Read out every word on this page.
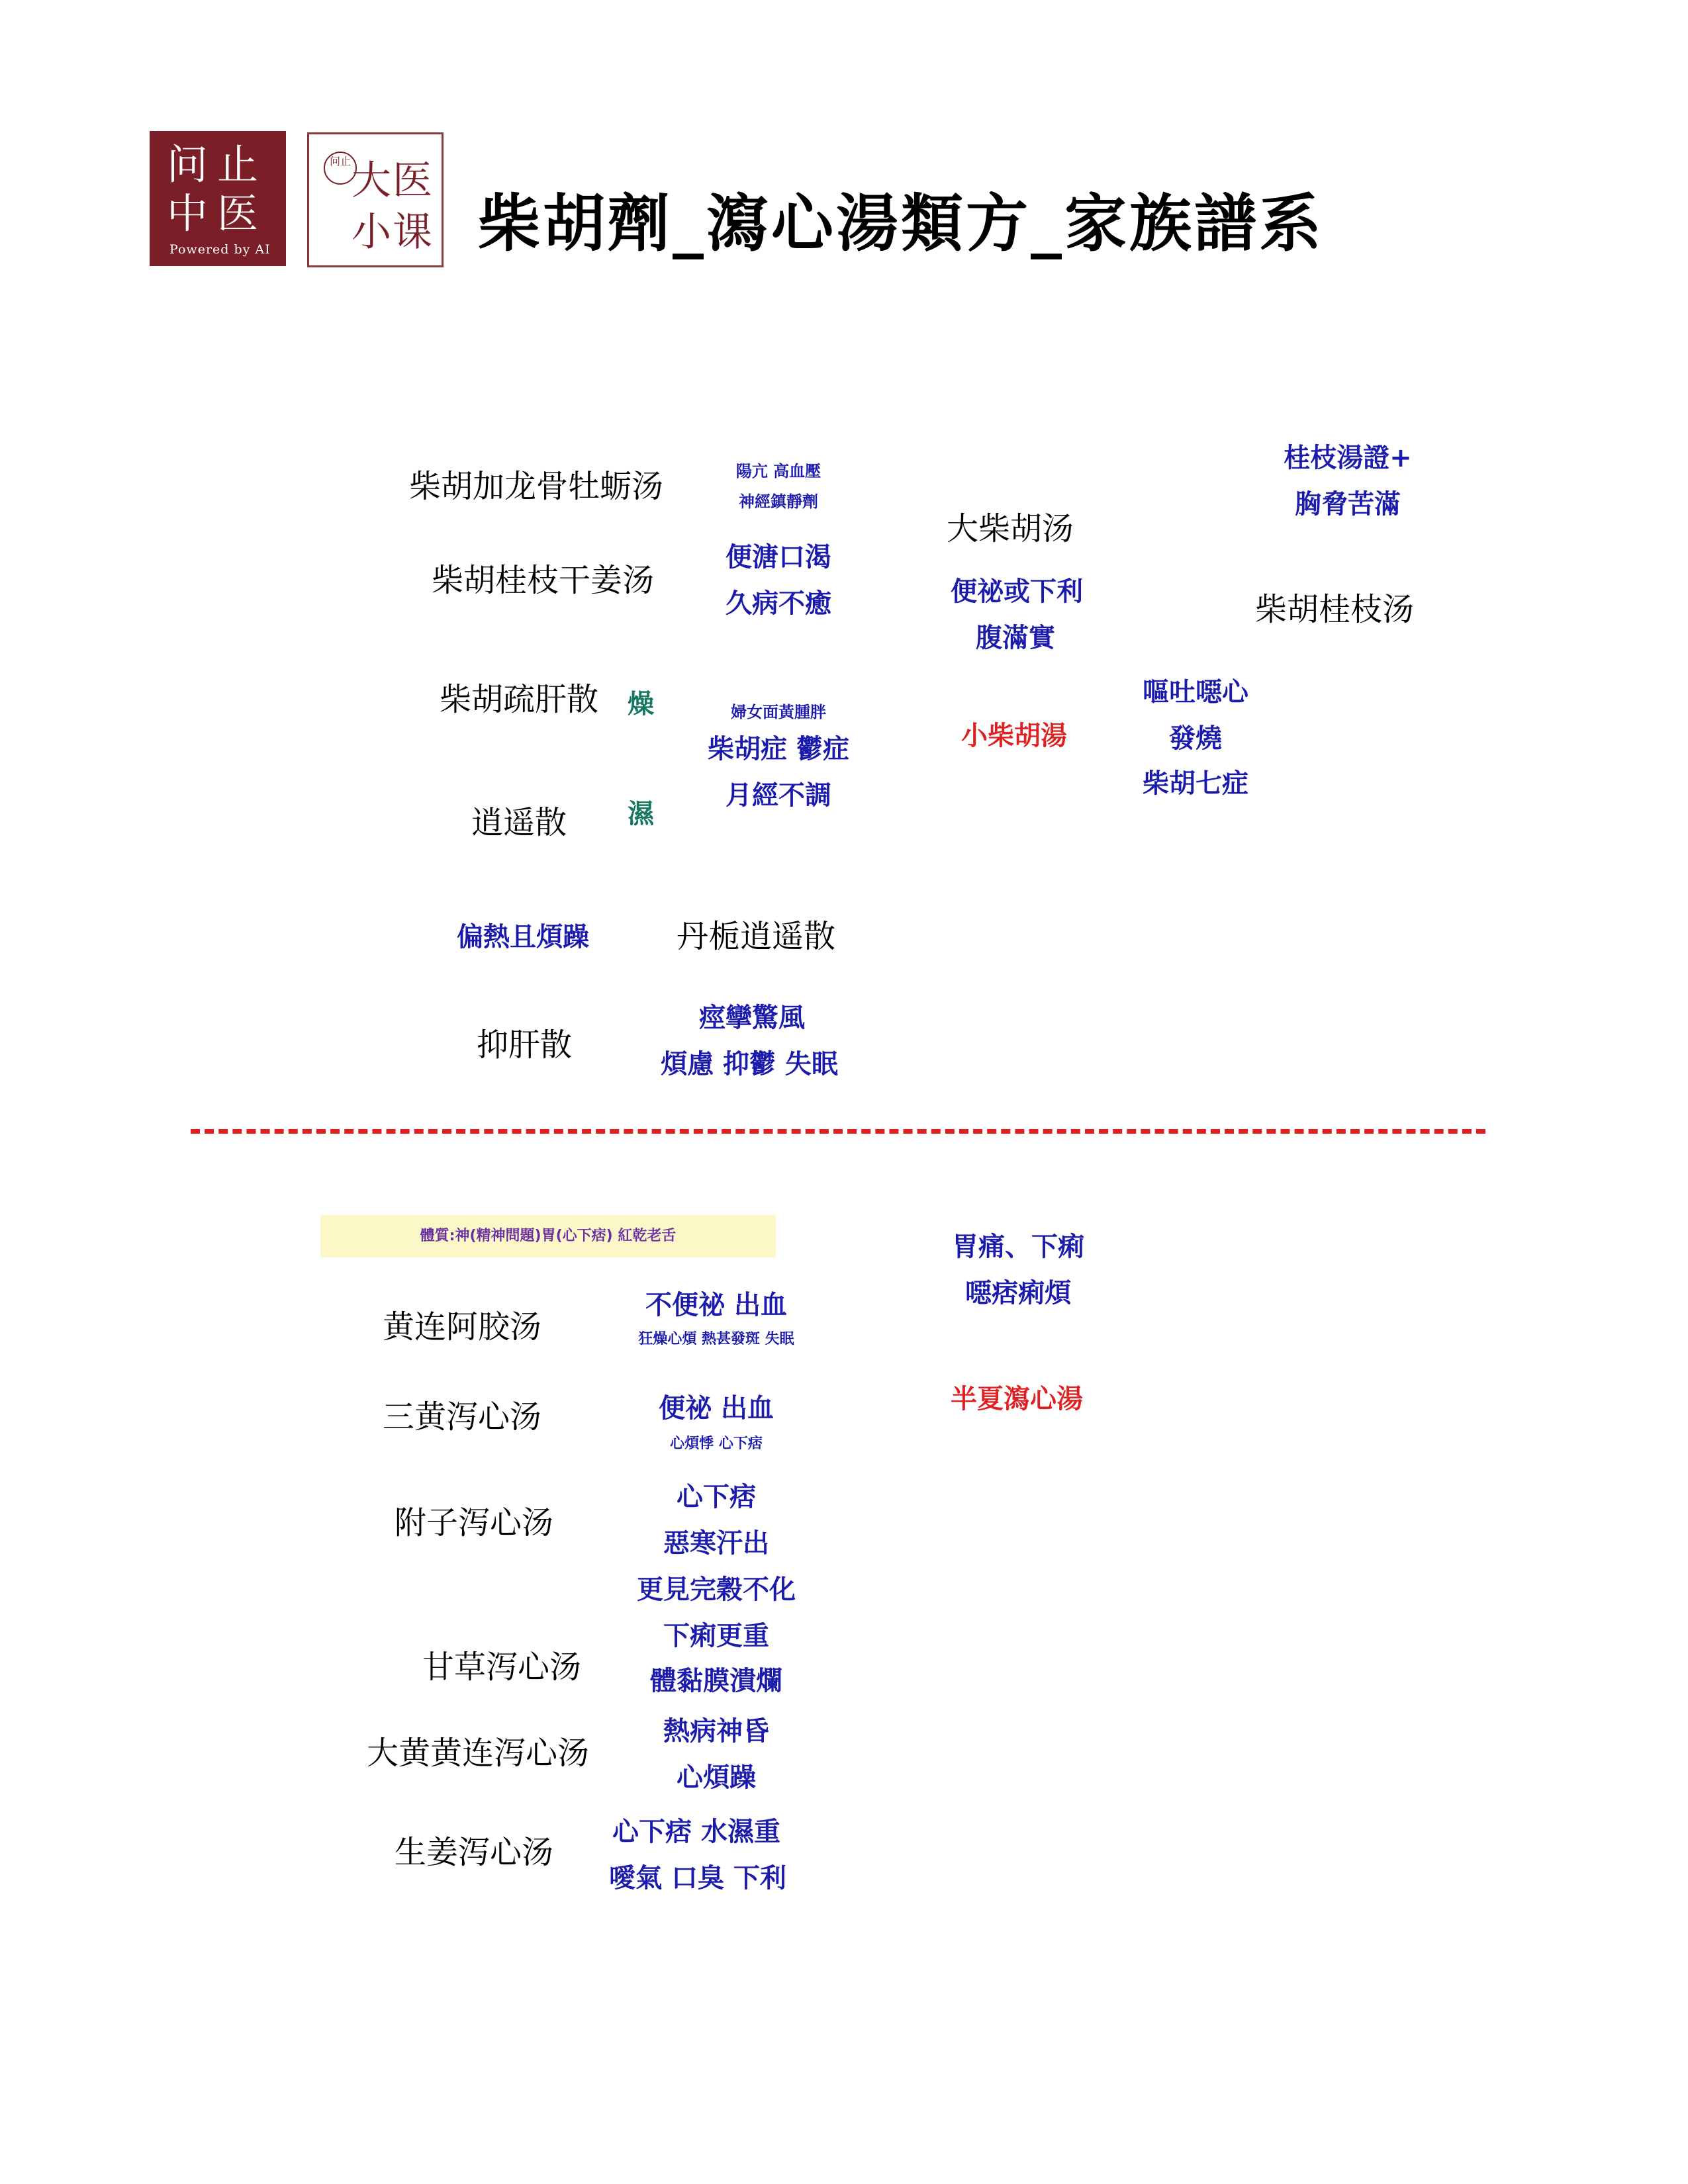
问止
中医
Powered by AI
问止 大医
小课 柴胡劑_瀉心湯類方_家族譜系
柴胡加龙骨牡蛎汤
柴胡桂枝干姜汤
柴胡疏肝散
逍遥散
丹栀逍遥散
抑肝散
大柴胡汤
柴胡桂枝汤
小柴胡湯
燥
濕
陽亢 高血壓
神經鎮靜劑
便溏口渴
久病不癒
婦女面黃腫胖
柴胡症 鬱症
月經不調
偏熱且煩躁
痙攣驚風
煩慮 抑鬱 失眠
便祕或下利
腹滿實
嘔吐噁心
發燒
柴胡七症
桂枝湯證+
胸脅苦滿
體質:神(精神問題)胃(心下痞) 紅乾老舌
黄连阿胶汤
三黄泻心汤
附子泻心汤
甘草泻心汤
大黄黄连泻心汤
生姜泻心汤
半夏瀉心湯
不便祕 出血
狂燥心煩 熱甚發斑 失眠
便祕 出血
心煩悸 心下痞
心下痞
惡寒汗出
更見完穀不化
下痢更重
體黏膜潰爛
熱病神昏
心煩躁
心下痞 水濕重
噯氣 口臭 下利
胃痛、下痢
噁痞痢煩
